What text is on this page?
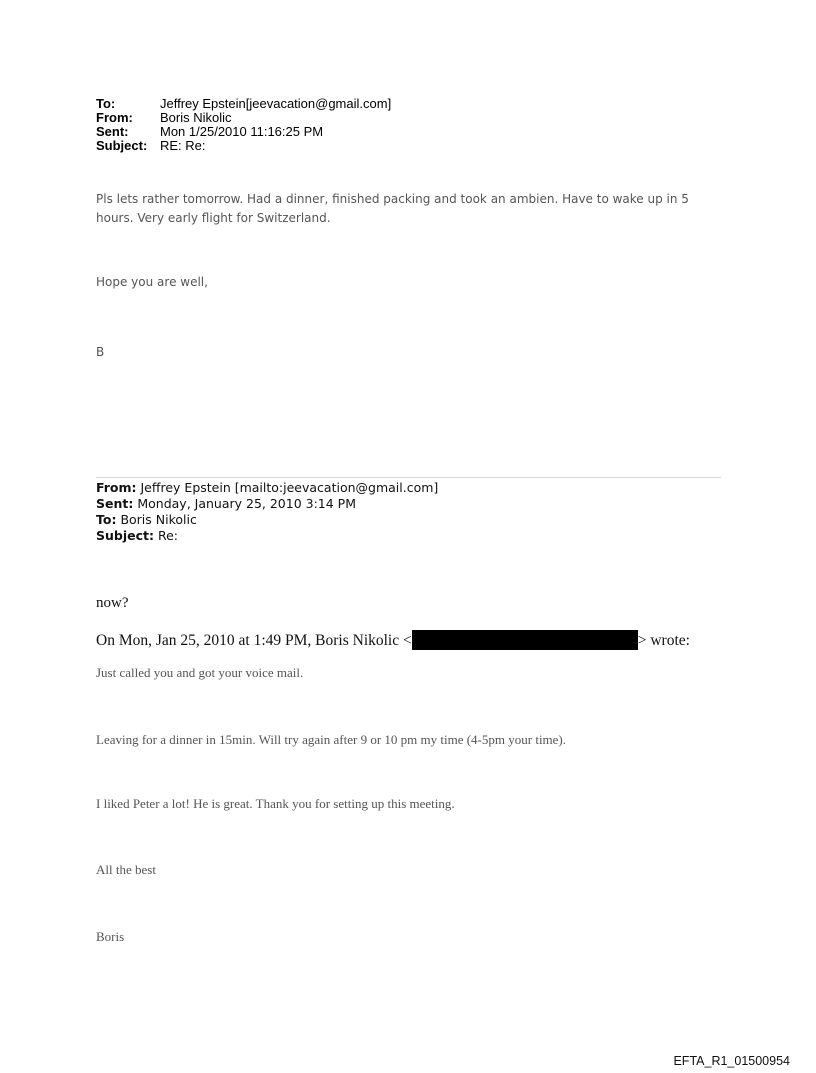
To:	Jeffrey Epstein[jeevacation@gmail.com]
From: Boris Nikolic
Sent: Mon 1/25/2010 11:16:25 PM
Subject: RE: Re:
Pls lets rather tomorrow. Had a dinner, finished packing and took an ambien. Have to wake up in 5
hours. Very early flight for Switzerland.
Hope you are well,
B
From: Jeffrey Epstein [mailto:jeevacation@gmail.com]
Sent: Monday, January 25, 2010 3:14 PM
To: Boris Nikolic
Subject: Re:
now?
On Mon, Jan 25, 2010 at 1:49 PM, Boris Nikolic <	> wrote:
Just called you and got your voice mail.
Leaving for a dinner in 15min. Will try again after 9 or 10 pm my time (4-5pm your time).
I liked Peter a lot! He is great. Thank you for setting up this meeting.
All the best
Boris
EFTA_R1_01500954
